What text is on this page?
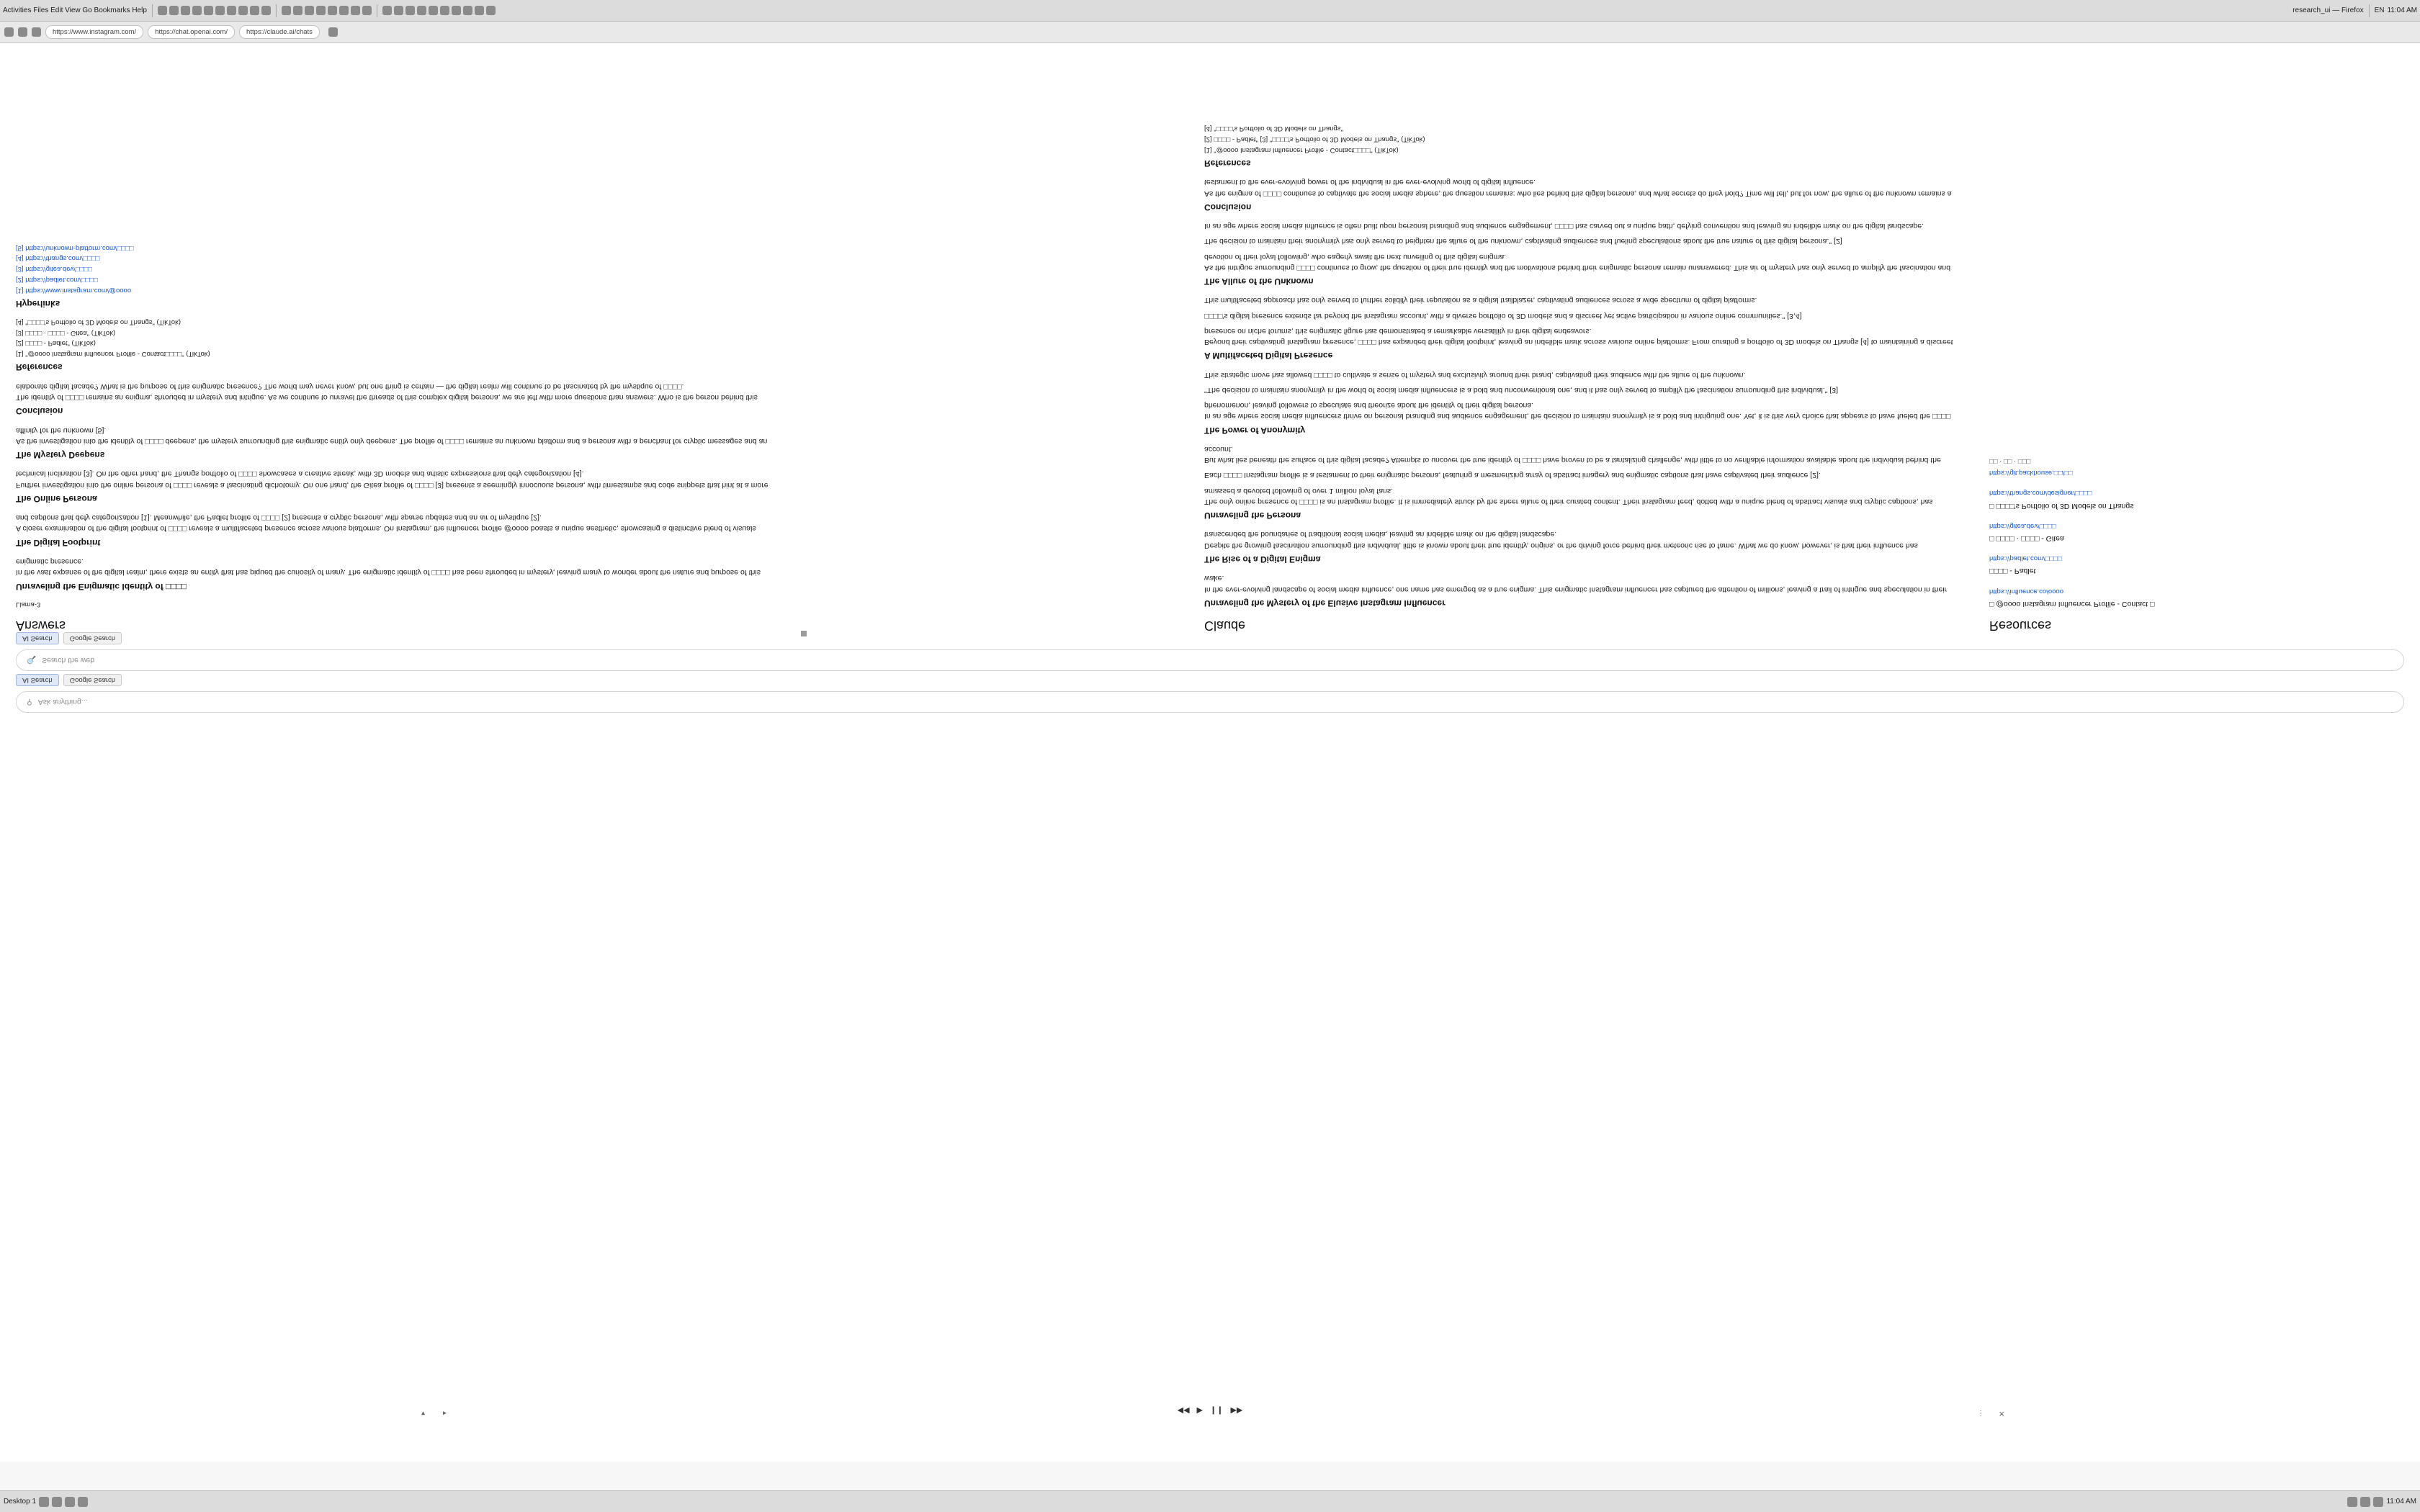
Activities Files Edit View Go Bookmarks Help	research_ui — Firefox EN 11:04 AM
https://www.instagram.com/	https://chat.openai.com/	https://claude.ai/chats
◀◀ ▶ ❙❙ ▶▶
▾ ▸	⋮ ✕
⚲ Ask anything...
AI Search	Google Search
🔍 Search the web
AI Search	Google Search
Answers
Llama-3
Unraveling the Enigmatic Identity of □□□□

In the vast expanse of the digital realm, there exists an entity that has piqued the curiosity of many. The enigmatic identity of □□□□ has been shrouded in mystery, leaving many to wonder about the nature and purpose of this enigmatic presence.

The Digital Footprint

A closer examination of the digital footprint of □□□□ reveals a multifaceted presence across various platforms. On Instagram, the influencer profile @oooo boasts a unique aesthetic, showcasing a distinctive blend of visuals and captions that defy categorization [1]. Meanwhile, the Padlet profile of □□□□ [2] presents a cryptic persona, with sparse updates and an air of mystique [2].

The Online Persona

Further investigation into the online persona of □□□□ reveals a fascinating dichotomy. On one hand, the Gitea profile of □□□□ [3] presents a seemingly innocuous persona, with timestamps and code snippets that hint at a more technical inclination [3]. On the other hand, the Thangs portfolio of □□□□ showcases a creative streak, with 3D models and artistic expressions that defy categorization [4].

The Mystery Deepens

As the investigation into the identity of □□□□ deepens, the mystery surrounding this enigmatic entity only deepens. The profile of □□□□ remains an unknown platform and a persona with a penchant for cryptic messages and an affinity for the unknown [5].

Conclusion

The identity of □□□□ remains an enigma, shrouded in mystery and intrigue. As we continue to unravel the threads of this complex digital persona, we are left with more questions than answers. Who is the person behind this elaborate digital facade? What is the purpose of this enigmatic presence? The world may never know, but one thing is certain — the digital realm will continue to be fascinated by the mystique of □□□□.

References
[1] "@oooo Instagram Influencer Profile - Contact□□□□" (TikTok)
[2] □□□□ - Padlet" (TikTok)
[3] □□□□ · □□□□ - Gitea" (TikTok)
[4] "□□□□'s Portfolio of 3D Models on Thangs" (TikTok)
Hyperlinks
[1] https://www.instagram.com/@oooo
[2] https://padlet.com/□□□□
[3] https://gitea.dev/□□□□
[4] https://thangs.com/□□□□
[5] https://unknown-platform.com/□□□□
Claude
Unraveling the Mystery of the Elusive Instagram Influencer

In the ever-evolving landscape of social media influence, one name has emerged as a true enigma. This enigmatic Instagram influencer has captured the attention of millions, leaving a trail of intrigue and speculation in their wake.

The Rise of a Digital Enigma

Despite the growing fascination surrounding this individual, little is known about their true identity, origins, or the driving force behind their meteoric rise to fame. What we do know, however, is that their influence has transcended the boundaries of traditional social media, leaving an indelible mark on the digital landscape.

Unraveling the Persona

The only online presence of □□□□ is an Instagram profile. It is immediately struck by the sheer allure of their curated content. Their Instagram feed, dotted with a unique blend of abstract visuals and cryptic captions, has amassed a devoted following of over 1 million loyal fans.

Each □□□□ Instagram profile is a testament to their enigmatic persona, featuring a mesmerizing array of abstract imagery and enigmatic captions that have captivated their audience [2].

But what lies beneath the surface of this digital facade? Attempts to uncover the true identity of □□□□ have proven to be a tantalizing challenge, with little to no verifiable information available about the individual behind the account.

The Power of Anonymity

In an age where social media influencers thrive on personal branding and audience engagement, the decision to maintain anonymity is a bold and intriguing one. Yet, it is this very choice that appears to have fueled the □□□□ phenomenon, leaving followers to speculate and theorize about the identity of their digital persona.

"The decision to maintain anonymity in the world of social media influencers is a bold and unconventional one, and it has only served to amplify the fascination surrounding this individual." [3]

This strategic move has allowed □□□□ to cultivate a sense of mystery and exclusivity around their brand, captivating their audience with the allure of the unknown.

A Multifaceted Digital Presence

Beyond their captivating Instagram presence, □□□□ has expanded their digital footprint, leaving an indelible mark across various online platforms. From curating a portfolio of 3D models on Thangs [4] to maintaining a discreet presence on niche forums, this enigmatic figure has demonstrated a remarkable versatility in their digital endeavors.

□□□□'s digital presence extends far beyond the Instagram account, with a diverse portfolio of 3D models and a discreet yet active participation in various online communities." [3,4]

This multifaceted approach has only served to further solidify their reputation as a digital trailblazer, captivating audiences across a wide spectrum of digital platforms.

The Allure of the Unknown

As the intrigue surrounding □□□□ continues to grow, the question of their true identity and the motivations behind their enigmatic persona remain unanswered. This air of mystery has only served to amplify the fascination and devotion of their loyal following, who eagerly await the next unveiling of this digital enigma.

The decision to maintain their anonymity has only served to heighten the allure of the unknown, captivating audiences and fueling speculations about the true nature of this digital persona." [2]

In an age where social media influence is often built upon personal branding and audience engagement, □□□□ has carved out a unique path, defying convention and leaving an indelible mark on the digital landscape.

Conclusion

As the enigma of □□□□ continues to captivate the social media sphere, the question remains: who lies behind this digital persona, and what secrets do they hold? Time will tell, but for now, the allure of the unknown remains a testament to the ever-evolving power of the individual in the ever-evolving world of digital influence.

References
[1] "@oooo Instagram Influencer Profile - Contact□□□□" (TikTok)
[2] □□□□ - Padlet" [3] "□□□□'s Portfolio of 3D Models on Thangs" (TikTok)
[4] "□□□□'s Portfolio of 3D Models on Thangs"
Resources
□ @oooo Instagram Influencer Profile - Contact □
https://influence.co/oooo
□□□□ - Padlet
https://padlet.com/□□□□
□ □□□□ · □□□□ - Gitea
https://gitea.dev/□□□□
□ □□□□'s Portfolio of 3D Models on Thangs
https://thangs.com/designer/□□□□
https://git.packhouse.□□/□□
□□ · □□ · □□□
Desktop 1	11:04 AM
